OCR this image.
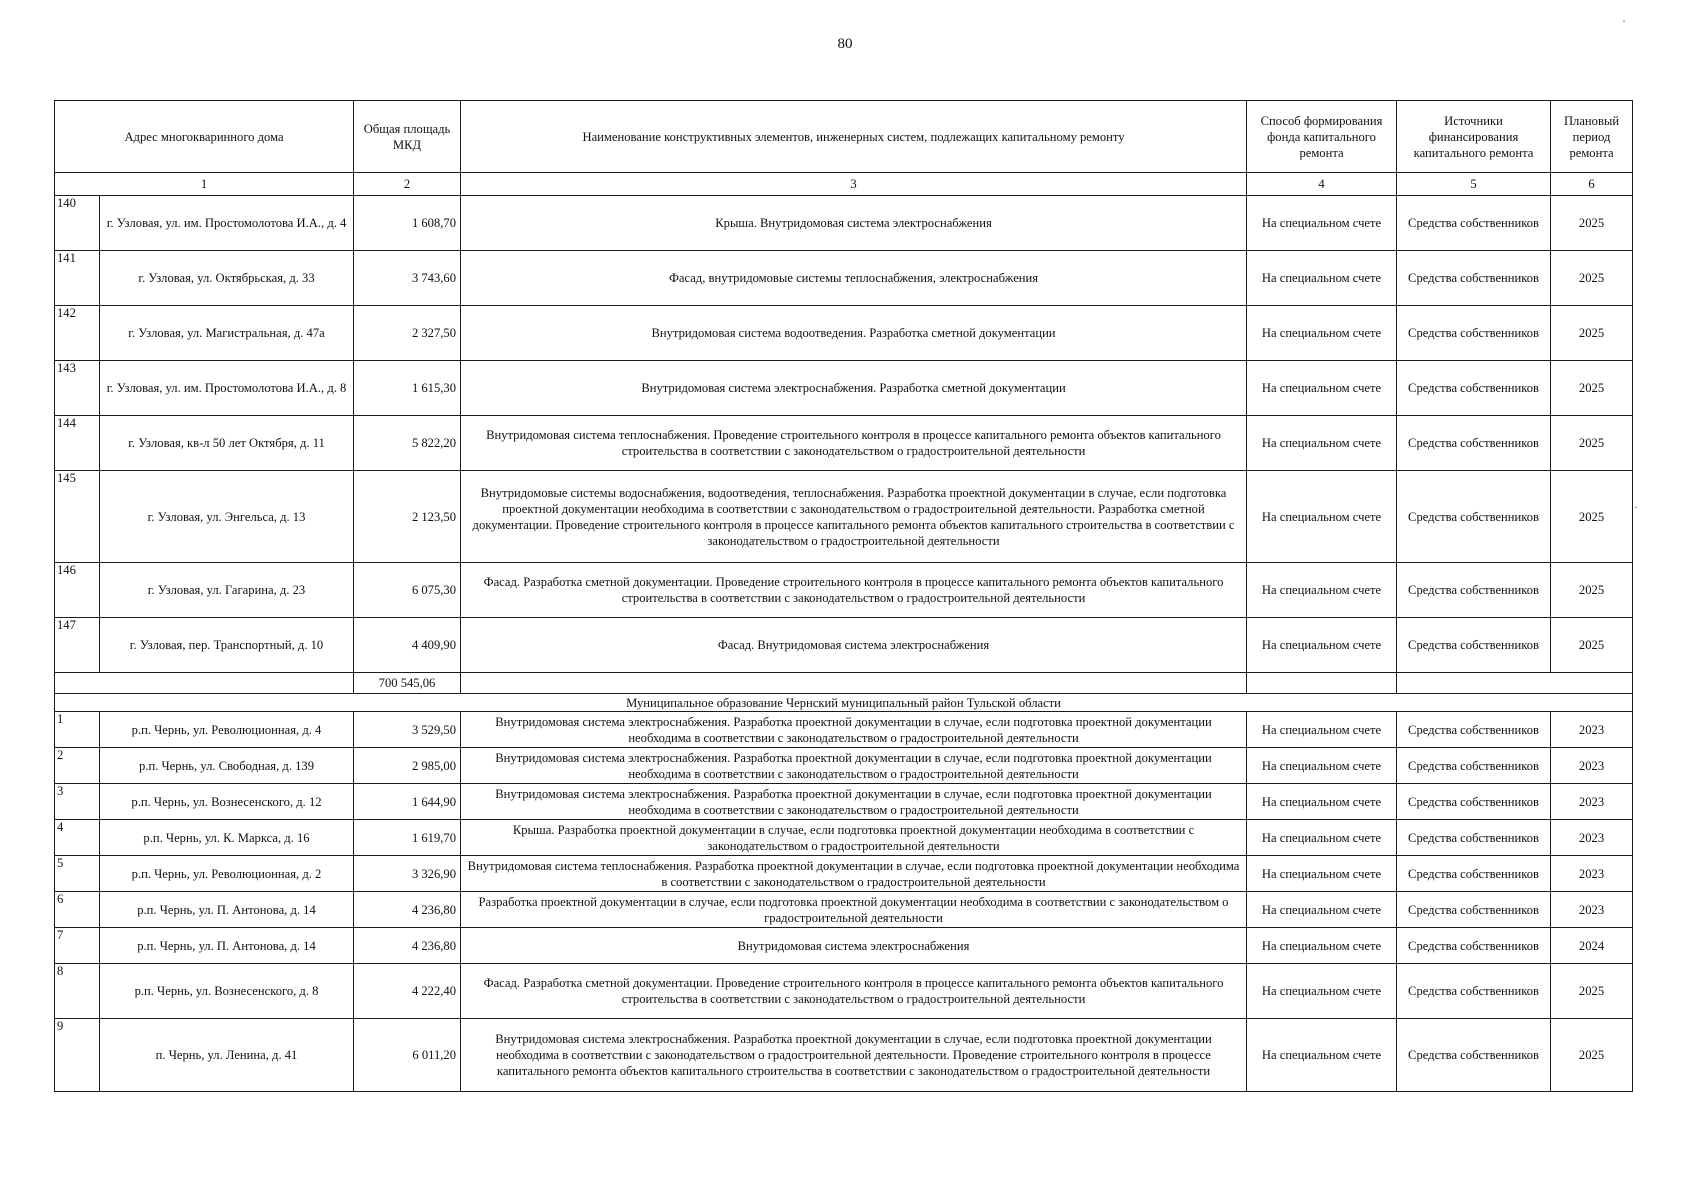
80
Адрес многокваринного дома		Общая площадь МКД	Наименование конструктивных элементов, инженерных систем, подлежащих капитальному ремонту	Способ формирования фонда капитального ремонта	Источники финансирования капитального ремонта	Плановый период ремонта
1		2	3	4	5	6
140	г. Узловая, ул. им. Простомолотова И.А., д. 4	1 608,70	Крыша. Внутридомовая система электроснабжения	На специальном счете	Средства собственников	2025
141	г. Узловая, ул. Октябрьская, д. 33	3 743,60	Фасад, внутридомовые системы теплоснабжения, электроснабжения	На специальном счете	Средства собственников	2025
142	г. Узловая, ул. Магистральная, д. 47а	2 327,50	Внутридомовая система водоотведения. Разработка сметной документации	На специальном счете	Средства собственников	2025
143	г. Узловая, ул. им. Простомолотова И.А., д. 8	1 615,30	Внутридомовая система электроснабжения. Разработка сметной документации	На специальном счете	Средства собственников	2025
144	г. Узловая, кв-л 50 лет Октября, д. 11	5 822,20	Внутридомовая система теплоснабжения. Проведение строительного контроля в процессе капитального ремонта объектов капитального строительства в соответствии с законодательством о градостроительной деятельности	На специальном счете	Средства собственников	2025
145	г. Узловая, ул. Энгельса, д. 13	2 123,50	Внутридомовые системы водоснабжения, водоотведения, теплоснабжения. Разработка проектной документации в случае, если подготовка проектной документации необходима в соответствии с законодательством о градостроительной деятельности. Разработка сметной документации. Проведение строительного контроля в процессе капитального ремонта объектов капитального строительства в соответствии с законодательством о градостроительной деятельности	На специальном счете	Средства собственников	2025
146	г. Узловая, ул. Гагарина, д. 23	6 075,30	Фасад. Разработка сметной документации. Проведение строительного контроля в процессе капитального ремонта объектов капитального строительства в соответствии с законодательством о градостроительной деятельности	На специальном счете	Средства собственников	2025
147	г. Узловая, пер. Транспортный, д. 10	4 409,90	Фасад. Внутридомовая система электроснабжения	На специальном счете	Средства собственников	2025
		700 545,06				
Муниципальное образование Чернский муниципальный район Тульской области						
1	р.п. Чернь, ул. Революционная, д. 4	3 529,50	Внутридомовая система электроснабжения. Разработка проектной документации в случае, если подготовка проектной документации необходима в соответствии с законодательством о градостроительной деятельности	На специальном счете	Средства собственников	2023
2	р.п. Чернь, ул. Свободная, д. 139	2 985,00	Внутридомовая система электроснабжения. Разработка проектной документации в случае, если подготовка проектной документации необходима в соответствии с законодательством о градостроительной деятельности	На специальном счете	Средства собственников	2023
3	р.п. Чернь, ул. Вознесенского, д. 12	1 644,90	Внутридомовая система электроснабжения. Разработка проектной документации в случае, если подготовка проектной документации необходима в соответствии с законодательством о градостроительной деятельности	На специальном счете	Средства собственников	2023
4	р.п. Чернь, ул. К. Маркса, д. 16	1 619,70	Крыша. Разработка проектной документации в случае, если подготовка проектной документации необходима в соответствии с законодательством о градостроительной деятельности	На специальном счете	Средства собственников	2023
5	р.п. Чернь, ул. Революционная, д. 2	3 326,90	Внутридомовая система теплоснабжения. Разработка проектной документации в случае, если подготовка проектной документации необходима в соответствии с законодательством о градостроительной деятельности	На специальном счете	Средства собственников	2023
6	р.п. Чернь, ул. П. Антонова, д. 14	4 236,80	Разработка проектной документации в случае, если подготовка проектной документации необходима в соответствии с законодательством о градостроительной деятельности	На специальном счете	Средства собственников	2023
7	р.п. Чернь, ул. П. Антонова, д. 14	4 236,80	Внутридомовая система электроснабжения	На специальном счете	Средства собственников	2024
8	р.п. Чернь, ул. Вознесенского, д. 8	4 222,40	Фасад. Разработка сметной документации. Проведение строительного контроля в процессе капитального ремонта объектов капитального строительства в соответствии с законодательством о градостроительной деятельности	На специальном счете	Средства собственников	2025
9	п. Чернь, ул. Ленина, д. 41	6 011,20	Внутридомовая система электроснабжения. Разработка проектной документации в случае, если подготовка проектной документации необходима в соответствии с законодательством о градостроительной деятельности. Проведение строительного контроля в процессе капитального ремонта объектов капитального строительства в соответствии с законодательством о градостроительной деятельности	На специальном счете	Средства собственников	2025
·
·
